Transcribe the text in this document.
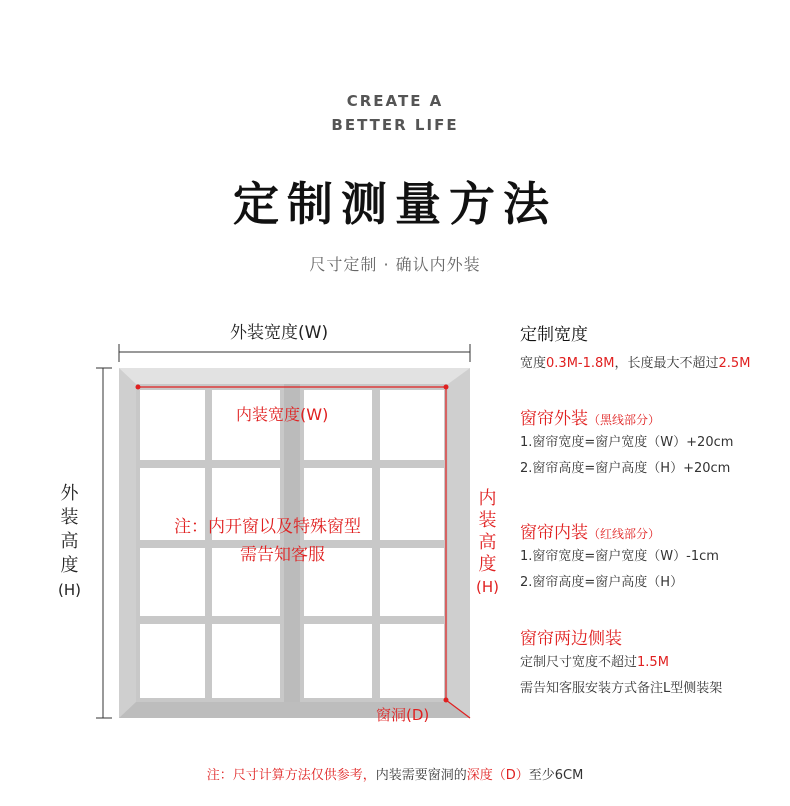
CREATE A
BETTER LIFE
定制测量方法
尺寸定制 · 确认内外装
外装宽度(W)
外
装
高
度
(H)
内装宽度(W)
内
装
高
度
(H)
注：内开窗以及特殊窗型
需告知客服
窗洞(D)
定制宽度
宽度0.3M-1.8M，长度最大不超过2.5M
窗帘外装（黑线部分）
1.窗帘宽度=窗户宽度（W）+20cm
2.窗帘高度=窗户高度（H）+20cm
窗帘内装（红线部分）
1.窗帘宽度=窗户宽度（W）-1cm
2.窗帘高度=窗户高度（H）
窗帘两边侧装
定制尺寸宽度不超过1.5M
需告知客服安装方式备注L型侧装架
注：尺寸计算方法仅供参考，内装需要窗洞的深度（D）至少6CM
